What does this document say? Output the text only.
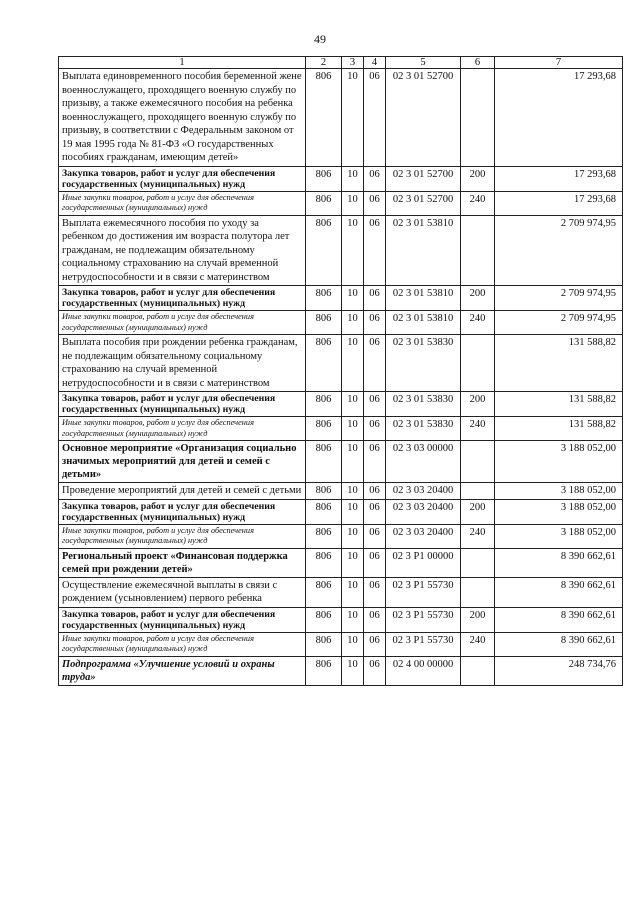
49
1	2	3	4	5	6	7
Выплата единовременного пособия беременной жене военнослужащего, проходящего военную службу по призыву, а также ежемесячного пособия на ребенка военнослужащего, проходящего военную службу по призыву, в соответствии с Федеральным законом от 19 мая 1995 года № 81-ФЗ «О государственных пособиях гражданам, имеющим детей»	806	10	06	02 3 01 52700		17 293,68
Закупка товаров, работ и услуг для обеспечения государственных (муниципальных) нужд	806	10	06	02 3 01 52700	200	17 293,68
Иные закупки товаров, работ и услуг для обеспечения государственных (муниципальных) нужд	806	10	06	02 3 01 52700	240	17 293,68
Выплата ежемесячного пособия по уходу за ребенком до достижения им возраста полутора лет гражданам, не подлежащим обязательному социальному страхованию на случай временной нетрудоспособности и в связи с материнством	806	10	06	02 3 01 53810		2 709 974,95
Закупка товаров, работ и услуг для обеспечения государственных (муниципальных) нужд	806	10	06	02 3 01 53810	200	2 709 974,95
Иные закупки товаров, работ и услуг для обеспечения государственных (муниципальных) нужд	806	10	06	02 3 01 53810	240	2 709 974,95
Выплата пособия при рождении ребенка гражданам, не подлежащим обязательному социальному страхованию на случай временной нетрудоспособности и в связи с материнством	806	10	06	02 3 01 53830		131 588,82
Закупка товаров, работ и услуг для обеспечения государственных (муниципальных) нужд	806	10	06	02 3 01 53830	200	131 588,82
Иные закупки товаров, работ и услуг для обеспечения государственных (муниципальных) нужд	806	10	06	02 3 01 53830	240	131 588,82
Основное мероприятие «Организация социально значимых мероприятий для детей и семей с детьми»	806	10	06	02 3 03 00000		3 188 052,00
Проведение мероприятий для детей и семей с детьми	806	10	06	02 3 03 20400		3 188 052,00
Закупка товаров, работ и услуг для обеспечения государственных (муниципальных) нужд	806	10	06	02 3 03 20400	200	3 188 052,00
Иные закупки товаров, работ и услуг для обеспечения государственных (муниципальных) нужд	806	10	06	02 3 03 20400	240	3 188 052,00
Региональный проект «Финансовая поддержка семей при рождении детей»	806	10	06	02 3 P1 00000		8 390 662,61
Осуществление ежемесячной выплаты в связи с рождением (усыновлением) первого ребенка	806	10	06	02 3 P1 55730		8 390 662,61
Закупка товаров, работ и услуг для обеспечения государственных (муниципальных) нужд	806	10	06	02 3 P1 55730	200	8 390 662,61
Иные закупки товаров, работ и услуг для обеспечения государственных (муниципальных) нужд	806	10	06	02 3 P1 55730	240	8 390 662,61
Подпрограмма «Улучшение условий и охраны труда»	806	10	06	02 4 00 00000		248 734,76
